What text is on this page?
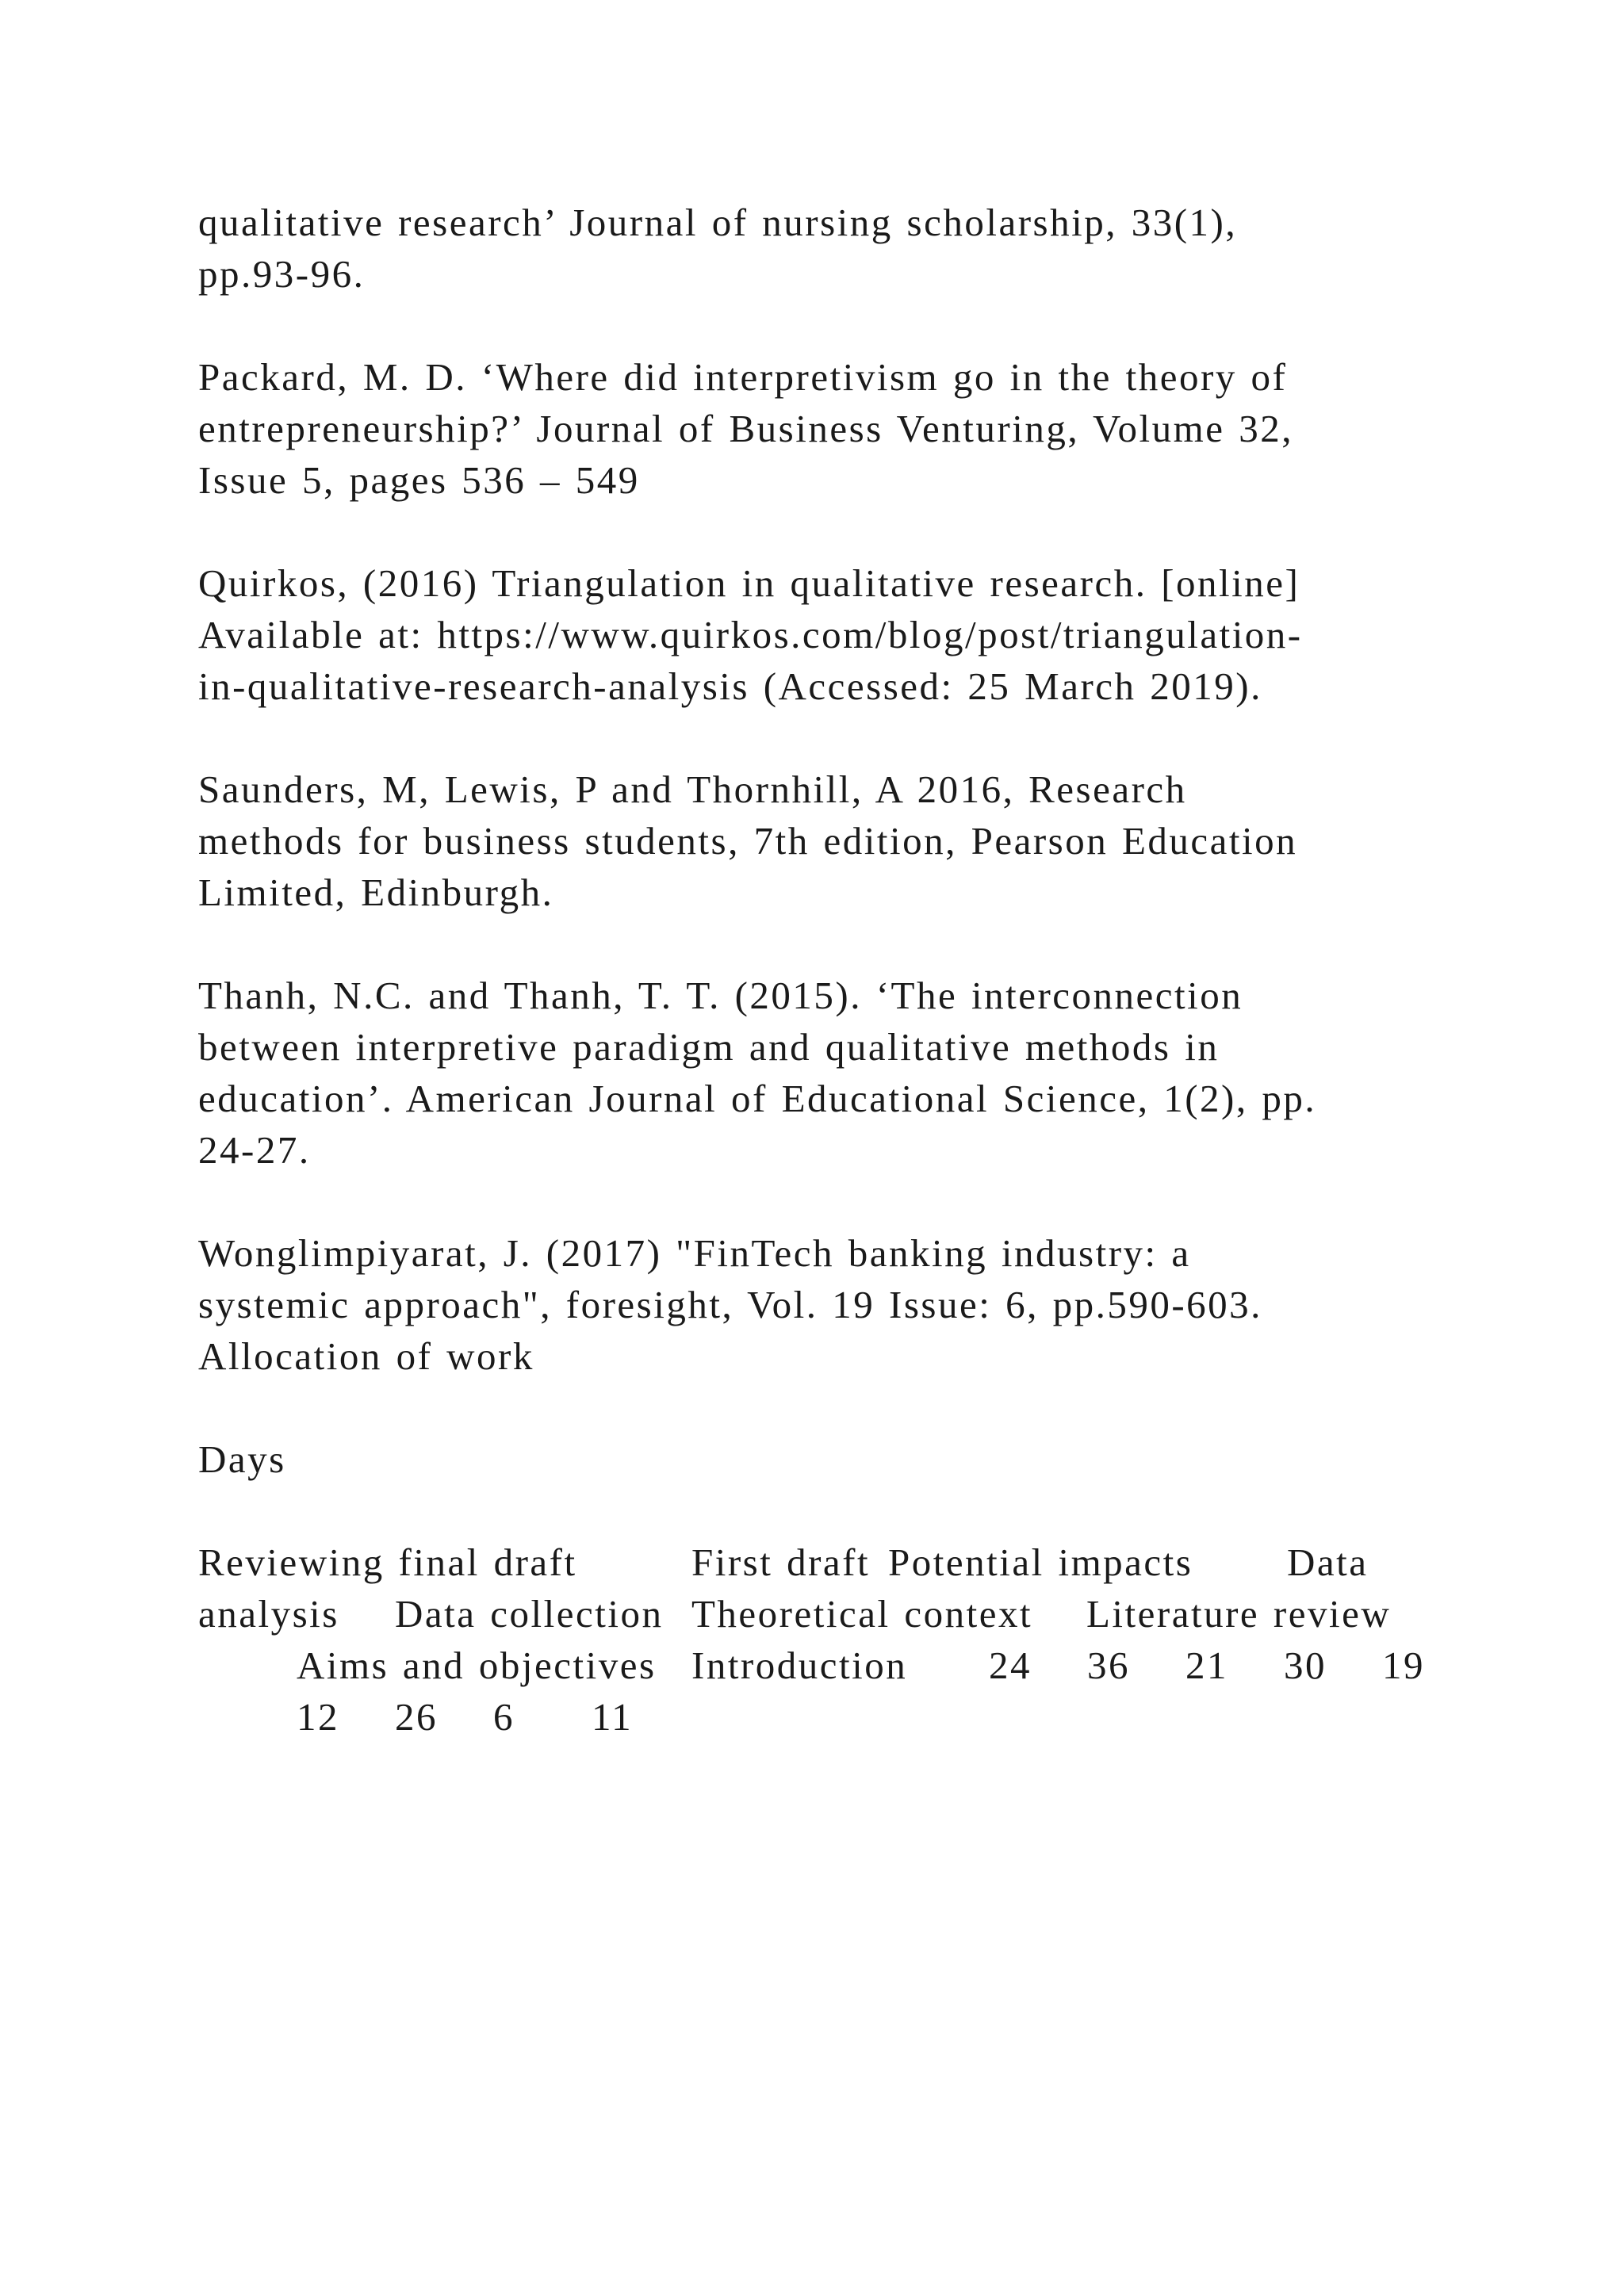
qualitative research’ Journal of nursing scholarship, 33(1),
pp.93-96.
Packard, M. D. ‘Where did interpretivism go in the theory of
entrepreneurship?’ Journal of Business Venturing, Volume 32,
Issue 5, pages 536 – 549
Quirkos, (2016) Triangulation in qualitative research. [online]
Available at: https://www.quirkos.com/blog/post/triangulation-
in-qualitative-research-analysis (Accessed: 25 March 2019).
Saunders, M, Lewis, P and Thornhill, A 2016, Research
methods for business students, 7th edition, Pearson Education
Limited, Edinburgh.
Thanh, N.C. and Thanh, T. T. (2015). ‘The interconnection
between interpretive paradigm and qualitative methods in
education’. American Journal of Educational Science, 1(2), pp.
24-27.
Wonglimpiyarat, J. (2017) "FinTech banking industry: a
systemic approach", foresight, Vol. 19 Issue: 6, pp.590-603.
Allocation of work
Days
Reviewing final draft	First draft Potential impacts Data
analysis Data collection Theoretical context Literature review
Aims and objectives Introduction 24 36 21 30 19
12 26 6 11
